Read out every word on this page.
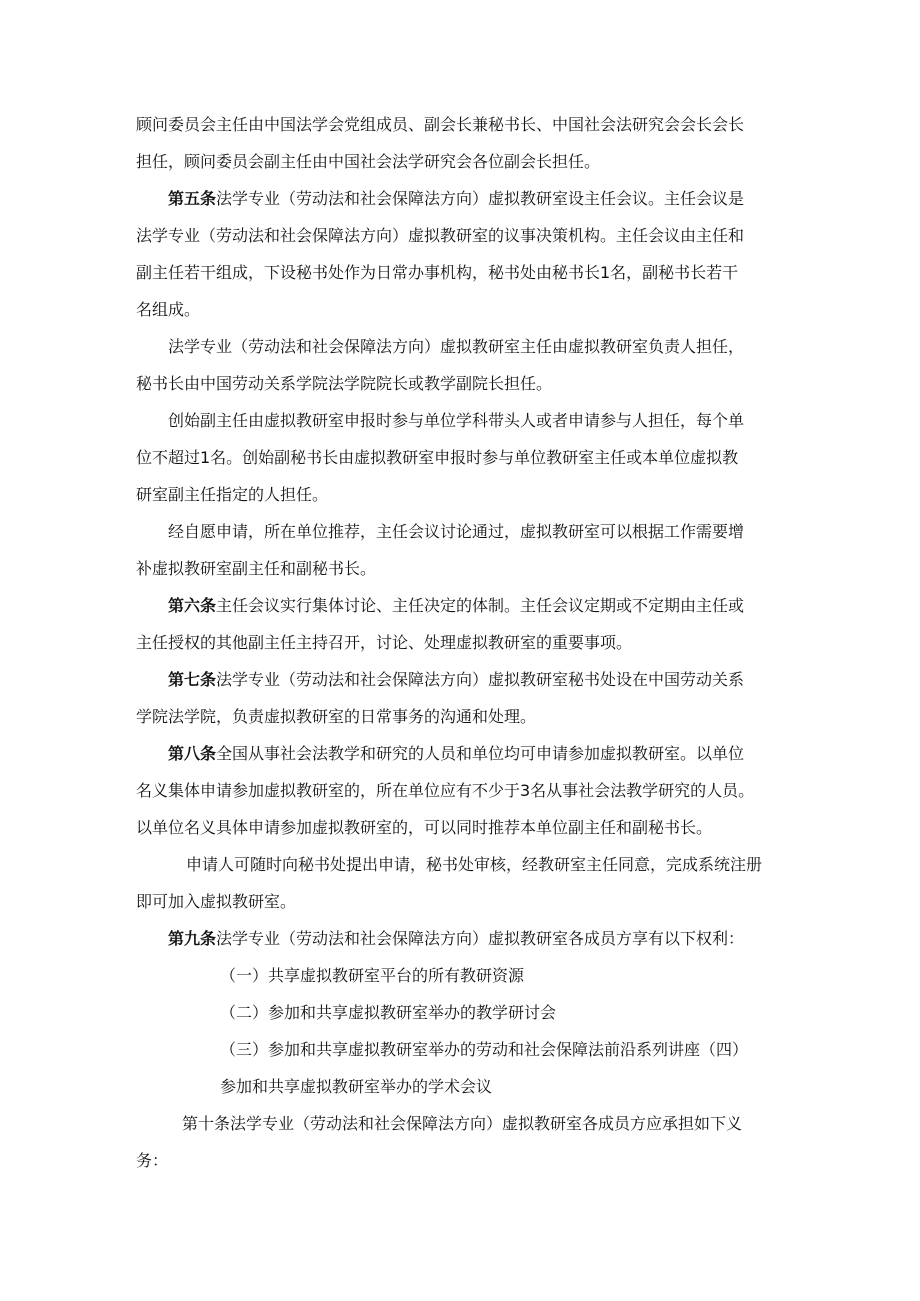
顾问委员会主任由中国法学会党组成员、副会长兼秘书长、中国社会法研究会会长会长
担任，顾问委员会副主任由中国社会法学研究会各位副会长担任。
第五条法学专业（劳动法和社会保障法方向）虚拟教研室设主任会议。主任会议是
法学专业（劳动法和社会保障法方向）虚拟教研室的议事决策机构。主任会议由主任和
副主任若干组成，下设秘书处作为日常办事机构，秘书处由秘书长1名，副秘书长若干
名组成。
法学专业（劳动法和社会保障法方向）虚拟教研室主任由虚拟教研室负责人担任，
秘书长由中国劳动关系学院法学院院长或教学副院长担任。
创始副主任由虚拟教研室申报时参与单位学科带头人或者申请参与人担任，每个单
位不超过1名。创始副秘书长由虚拟教研室申报时参与单位教研室主任或本单位虚拟教
研室副主任指定的人担任。
经自愿申请，所在单位推荐，主任会议讨论通过，虚拟教研室可以根据工作需要增
补虚拟教研室副主任和副秘书长。
第六条主任会议实行集体讨论、主任决定的体制。主任会议定期或不定期由主任或
主任授权的其他副主任主持召开，讨论、处理虚拟教研室的重要事项。
第七条法学专业（劳动法和社会保障法方向）虚拟教研室秘书处设在中国劳动关系
学院法学院，负责虚拟教研室的日常事务的沟通和处理。
第八条全国从事社会法教学和研究的人员和单位均可申请参加虚拟教研室。以单位
名义集体申请参加虚拟教研室的，所在单位应有不少于3名从事社会法教学研究的人员。
以单位名义具体申请参加虚拟教研室的，可以同时推荐本单位副主任和副秘书长。
申请人可随时向秘书处提出申请，秘书处审核，经教研室主任同意，完成系统注册
即可加入虚拟教研室。
第九条法学专业（劳动法和社会保障法方向）虚拟教研室各成员方享有以下权利：
（一）共享虚拟教研室平台的所有教研资源
（二）参加和共享虚拟教研室举办的教学研讨会
（三）参加和共享虚拟教研室举办的劳动和社会保障法前沿系列讲座（四）
参加和共享虚拟教研室举办的学术会议
第十条法学专业（劳动法和社会保障法方向）虚拟教研室各成员方应承担如下义
务：
